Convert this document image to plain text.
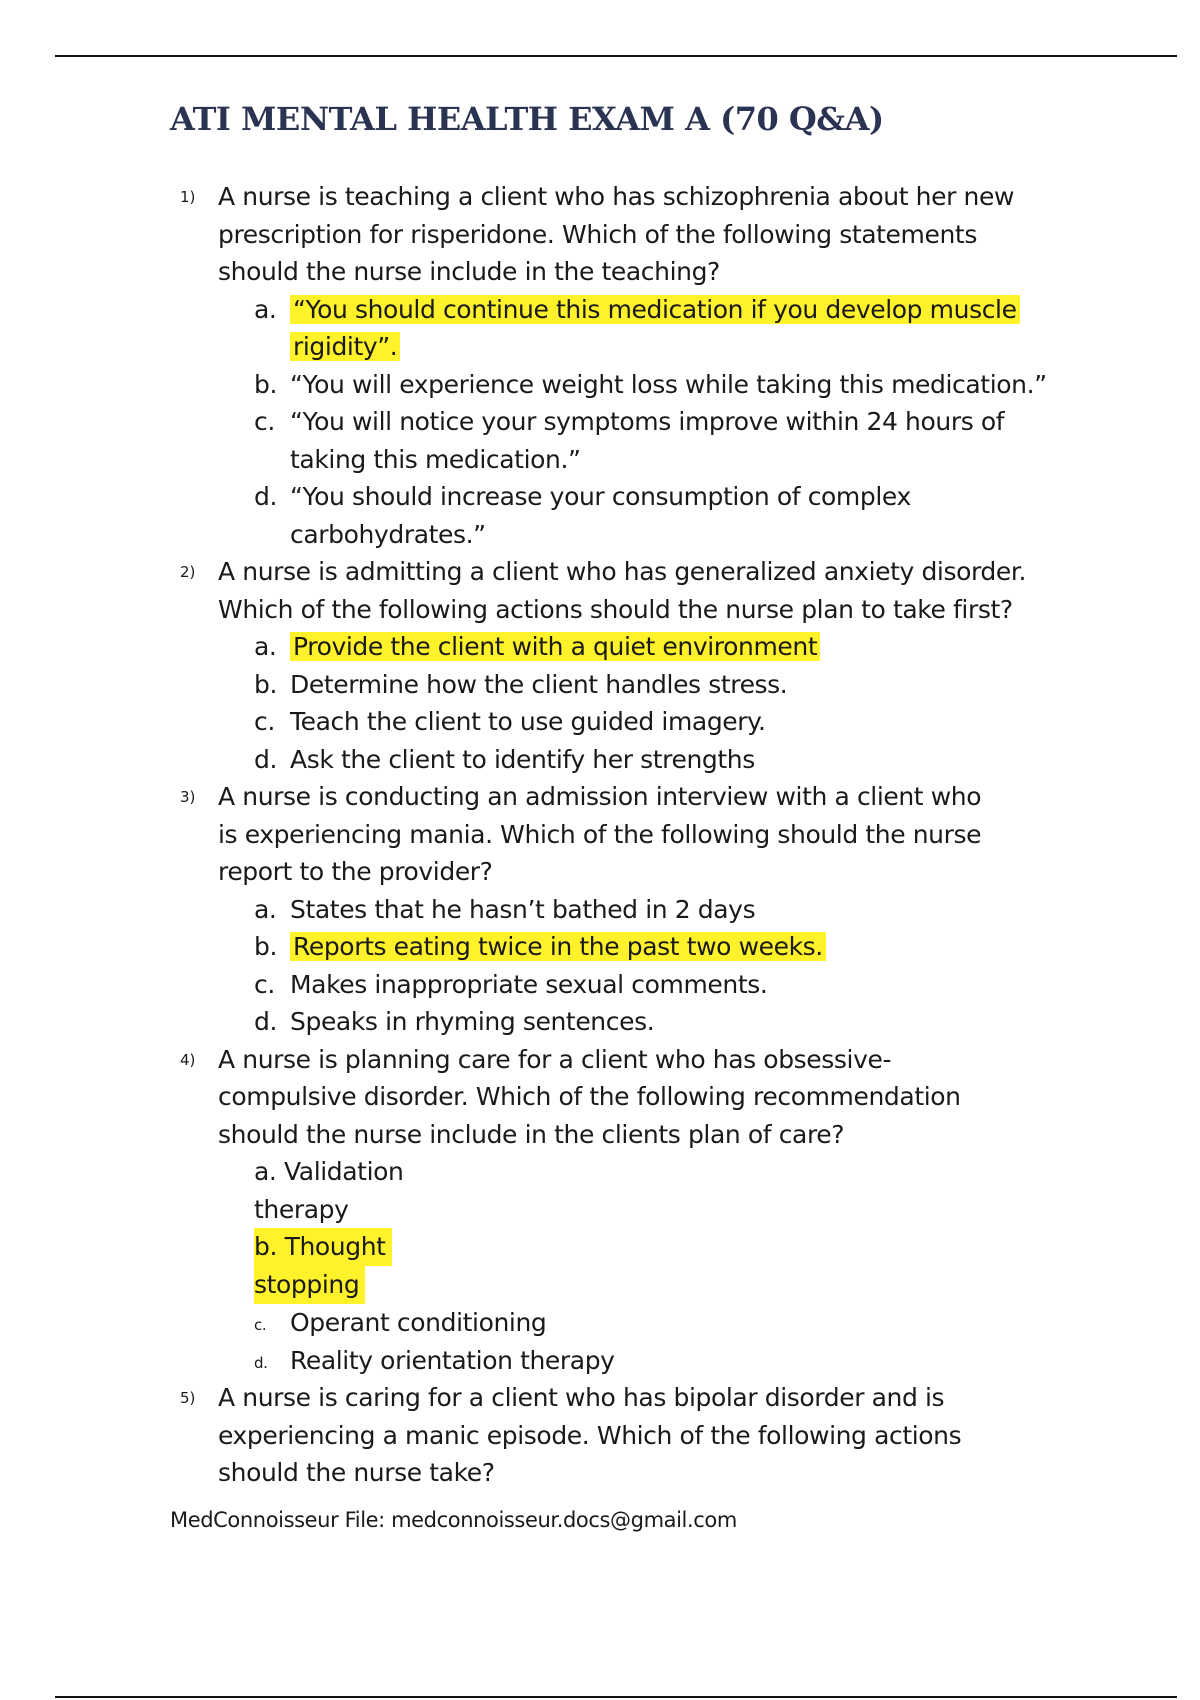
ATI MENTAL HEALTH EXAM A (70 Q&A)
1) A nurse is teaching a client who has schizophrenia about her new
prescription for risperidone. Which of the following statements
should the nurse include in the teaching?
a. “You should continue this medication if you develop muscle
rigidity”.
b. “You will experience weight loss while taking this medication.”
c. “You will notice your symptoms improve within 24 hours of
taking this medication.”
d. “You should increase your consumption of complex
carbohydrates.”
2) A nurse is admitting a client who has generalized anxiety disorder.
Which of the following actions should the nurse plan to take first?
a. Provide the client with a quiet environment
b. Determine how the client handles stress.
c. Teach the client to use guided imagery.
d. Ask the client to identify her strengths
3) A nurse is conducting an admission interview with a client who
is experiencing mania. Which of the following should the nurse
report to the provider?
a. States that he hasn’t bathed in 2 days
b. Reports eating twice in the past two weeks.
c. Makes inappropriate sexual comments.
d. Speaks in rhyming sentences.
4) A nurse is planning care for a client who has obsessive-
compulsive disorder. Which of the following recommendation
should the nurse include in the clients plan of care?
a. Validation
therapy
b. Thought
stopping
c. Operant conditioning
d. Reality orientation therapy
5) A nurse is caring for a client who has bipolar disorder and is
experiencing a manic episode. Which of the following actions
should the nurse take?
MedConnoisseur File: medconnoisseur.docs@gmail.com
